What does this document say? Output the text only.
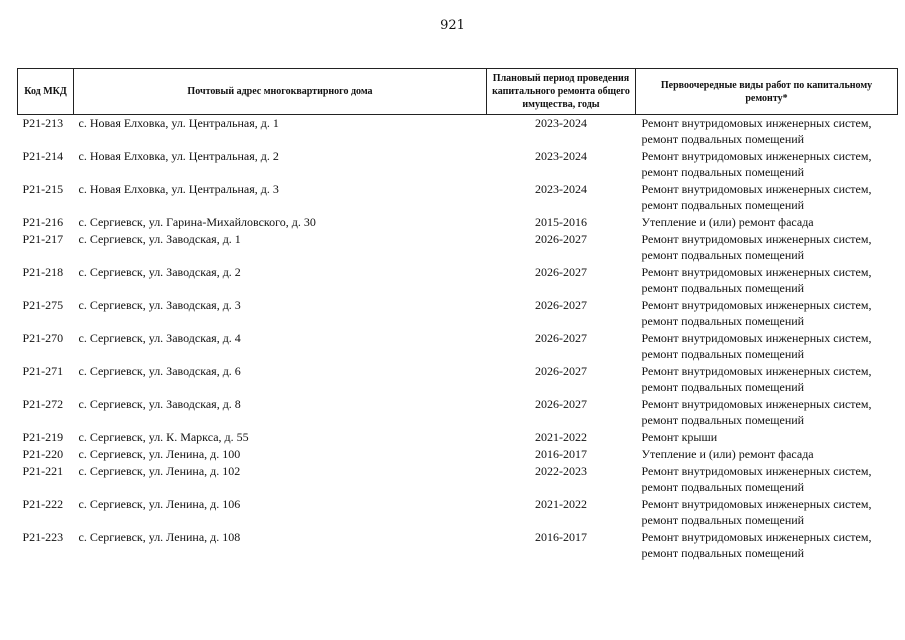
921
Код МКД	Почтовый адрес многоквартирного дома	Плановый период проведения капитального ремонта общего имущества, годы	Первоочередные виды работ по капитальному ремонту*
P21-213	с. Новая Елховка, ул. Центральная, д. 1	2023-2024	Ремонт внутридомовых инженерных систем, ремонт подвальных помещений
P21-214	с. Новая Елховка, ул. Центральная, д. 2	2023-2024	Ремонт внутридомовых инженерных систем, ремонт подвальных помещений
P21-215	с. Новая Елховка, ул. Центральная, д. 3	2023-2024	Ремонт внутридомовых инженерных систем, ремонт подвальных помещений
P21-216	с. Сергиевск, ул. Гарина-Михайловского, д. 30	2015-2016	Утепление и (или) ремонт фасада
P21-217	с. Сергиевск, ул. Заводская, д. 1	2026-2027	Ремонт внутридомовых инженерных систем, ремонт подвальных помещений
P21-218	с. Сергиевск, ул. Заводская, д. 2	2026-2027	Ремонт внутридомовых инженерных систем, ремонт подвальных помещений
P21-275	с. Сергиевск, ул. Заводская, д. 3	2026-2027	Ремонт внутридомовых инженерных систем, ремонт подвальных помещений
P21-270	с. Сергиевск, ул. Заводская, д. 4	2026-2027	Ремонт внутридомовых инженерных систем, ремонт подвальных помещений
P21-271	с. Сергиевск, ул. Заводская, д. 6	2026-2027	Ремонт внутридомовых инженерных систем, ремонт подвальных помещений
P21-272	с. Сергиевск, ул. Заводская, д. 8	2026-2027	Ремонт внутридомовых инженерных систем, ремонт подвальных помещений
P21-219	с. Сергиевск, ул. К. Маркса, д. 55	2021-2022	Ремонт крыши
P21-220	с. Сергиевск, ул. Ленина, д. 100	2016-2017	Утепление и (или) ремонт фасада
P21-221	с. Сергиевск, ул. Ленина, д. 102	2022-2023	Ремонт внутридомовых инженерных систем, ремонт подвальных помещений
P21-222	с. Сергиевск, ул. Ленина, д. 106	2021-2022	Ремонт внутридомовых инженерных систем, ремонт подвальных помещений
P21-223	с. Сергиевск, ул. Ленина, д. 108	2016-2017	Ремонт внутридомовых инженерных систем, ремонт подвальных помещений
